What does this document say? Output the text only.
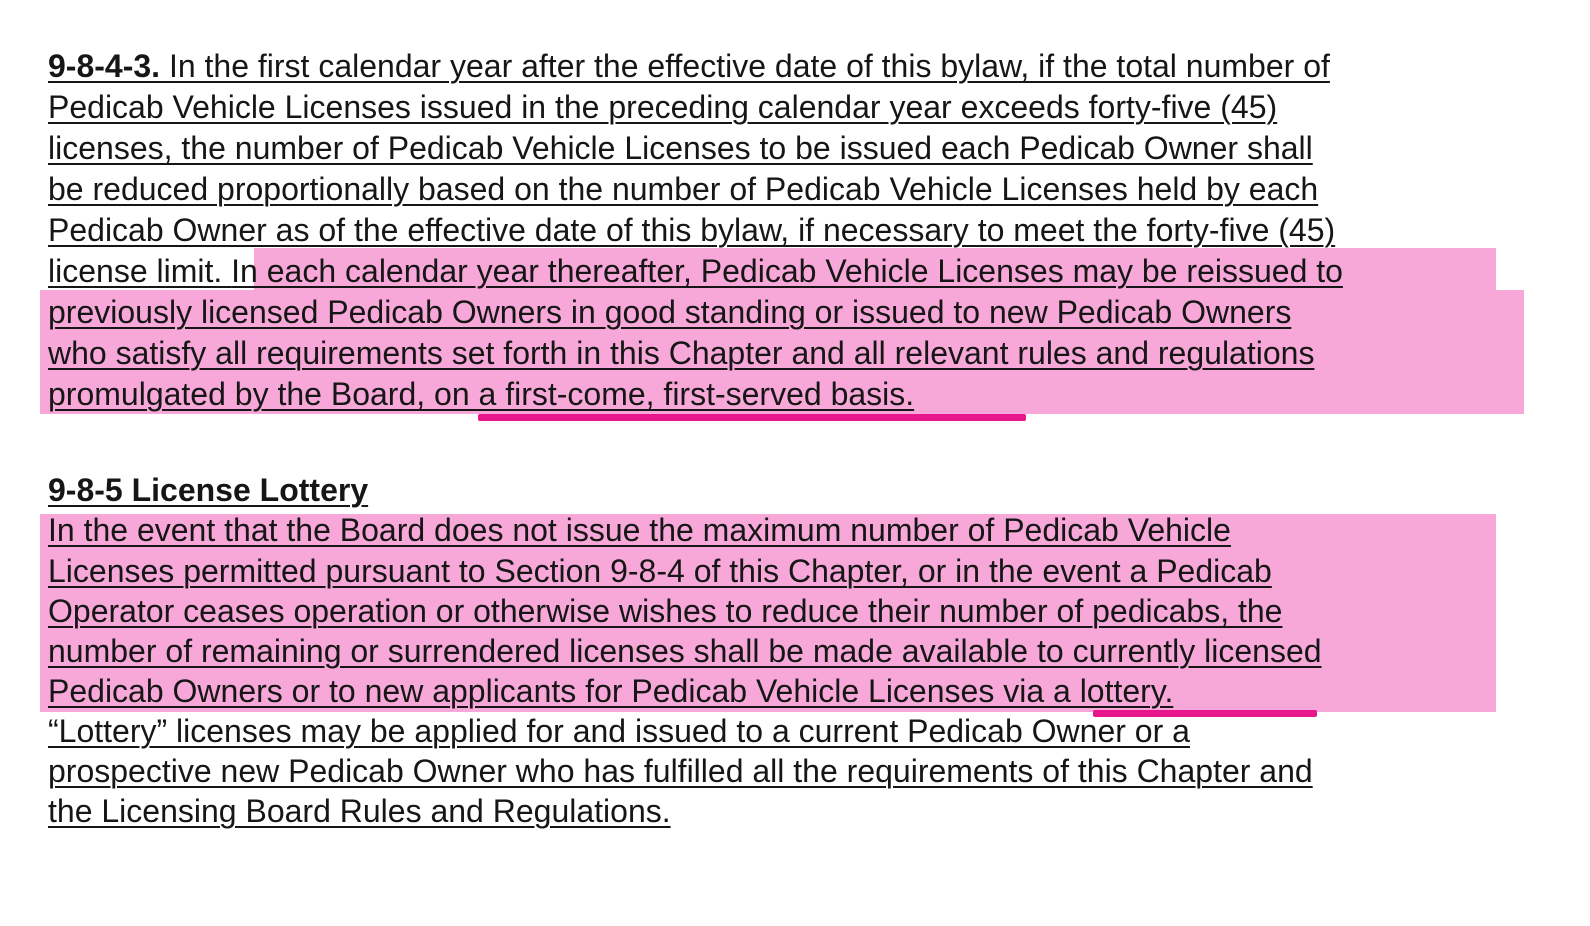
9-8-4-3. In the first calendar year after the effective date of this bylaw, if the total number of
Pedicab Vehicle Licenses issued in the preceding calendar year exceeds forty-five (45)
licenses, the number of Pedicab Vehicle Licenses to be issued each Pedicab Owner shall
be reduced proportionally based on the number of Pedicab Vehicle Licenses held by each
Pedicab Owner as of the effective date of this bylaw, if necessary to meet the forty-five (45)
license limit. In each calendar year thereafter, Pedicab Vehicle Licenses may be reissued to
previously licensed Pedicab Owners in good standing or issued to new Pedicab Owners
who satisfy all requirements set forth in this Chapter and all relevant rules and regulations
promulgated by the Board, on a first-come, first-served basis.
9-8-5 License Lottery
In the event that the Board does not issue the maximum number of Pedicab Vehicle
Licenses permitted pursuant to Section 9-8-4 of this Chapter, or in the event a Pedicab
Operator ceases operation or otherwise wishes to reduce their number of pedicabs, the
number of remaining or surrendered licenses shall be made available to currently licensed
Pedicab Owners or to new applicants for Pedicab Vehicle Licenses via a lottery.
“Lottery” licenses may be applied for and issued to a current Pedicab Owner or a
prospective new Pedicab Owner who has fulfilled all the requirements of this Chapter and
the Licensing Board Rules and Regulations.
